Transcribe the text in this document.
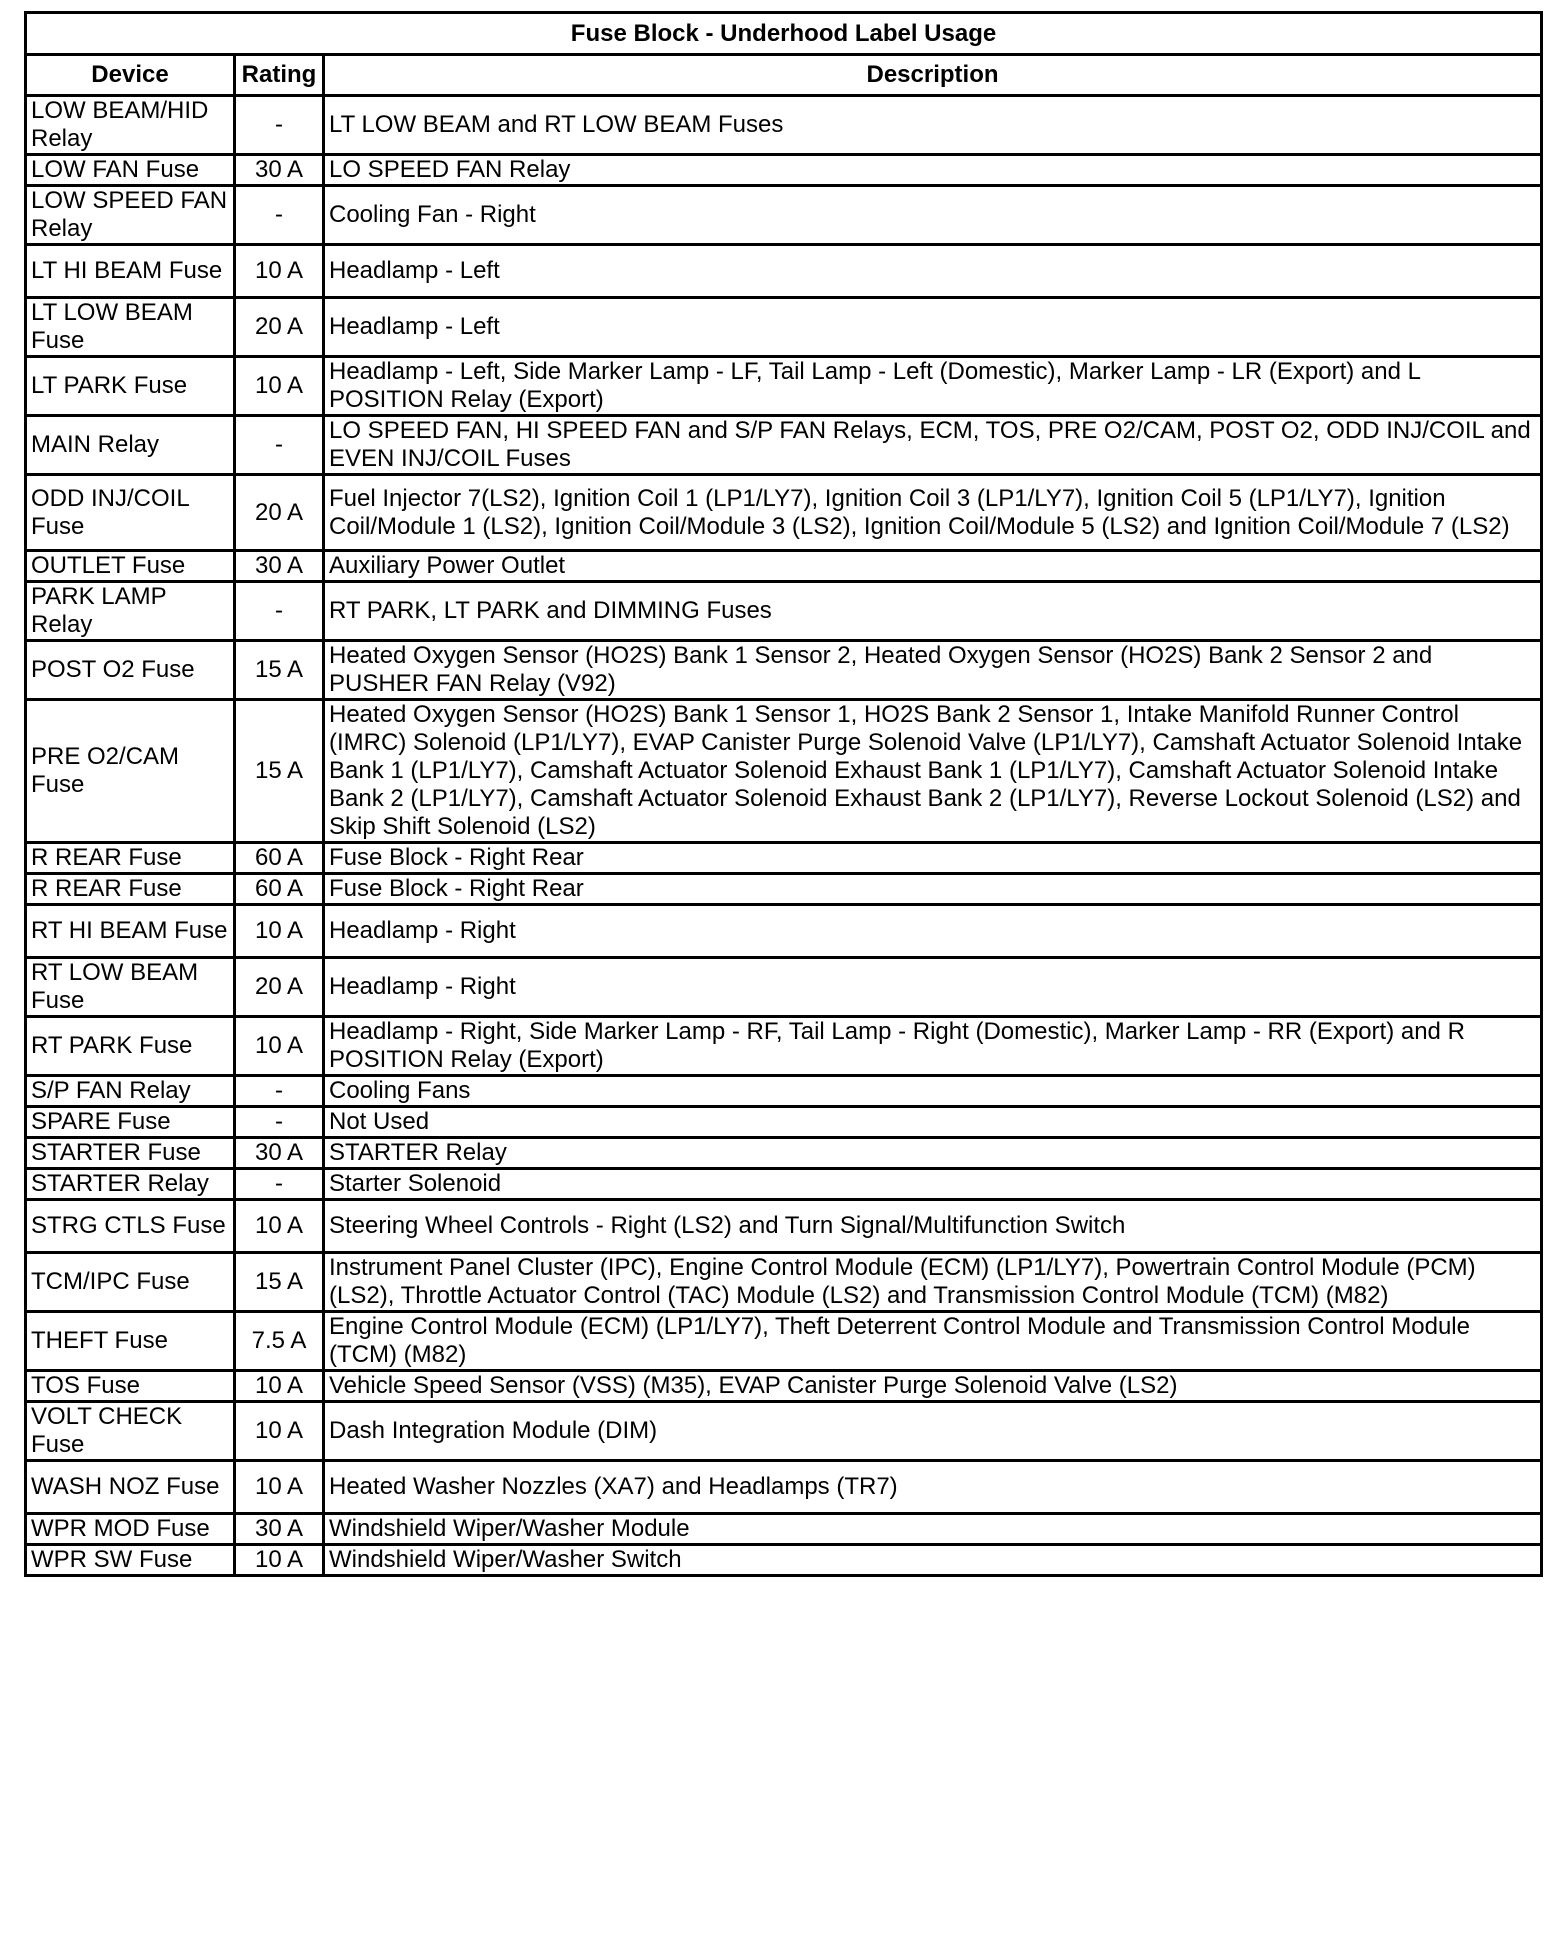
Fuse Block - Underhood Label Usage		
Device	Rating	Description
LOW BEAM/HID Relay	-	LT LOW BEAM and RT LOW BEAM Fuses
LOW FAN Fuse	30 A	LO SPEED FAN Relay
LOW SPEED FAN Relay	-	Cooling Fan - Right
LT HI BEAM Fuse	10 A	Headlamp - Left
LT LOW BEAM Fuse	20 A	Headlamp - Left
LT PARK Fuse	10 A	Headlamp - Left, Side Marker Lamp - LF, Tail Lamp - Left (Domestic), Marker Lamp - LR (Export) and L POSITION Relay (Export)
MAIN Relay	-	LO SPEED FAN, HI SPEED FAN and S/P FAN Relays, ECM, TOS, PRE O2/CAM, POST O2, ODD INJ/COIL and EVEN INJ/COIL Fuses
ODD INJ/COIL Fuse	20 A	Fuel Injector 7(LS2), Ignition Coil 1 (LP1/LY7), Ignition Coil 3 (LP1/LY7), Ignition Coil 5 (LP1/LY7), Ignition Coil/Module 1 (LS2), Ignition Coil/Module 3 (LS2), Ignition Coil/Module 5 (LS2) and Ignition Coil/Module 7 (LS2)
OUTLET Fuse	30 A	Auxiliary Power Outlet
PARK LAMP Relay	-	RT PARK, LT PARK and DIMMING Fuses
POST O2 Fuse	15 A	Heated Oxygen Sensor (HO2S) Bank 1 Sensor 2, Heated Oxygen Sensor (HO2S) Bank 2 Sensor 2 and PUSHER FAN Relay (V92)
PRE O2/CAM Fuse	15 A	Heated Oxygen Sensor (HO2S) Bank 1 Sensor 1, HO2S Bank 2 Sensor 1, Intake Manifold Runner Control (IMRC) Solenoid (LP1/LY7), EVAP Canister Purge Solenoid Valve (LP1/LY7), Camshaft Actuator Solenoid Intake Bank 1 (LP1/LY7), Camshaft Actuator Solenoid Exhaust Bank 1 (LP1/LY7), Camshaft Actuator Solenoid Intake Bank 2 (LP1/LY7), Camshaft Actuator Solenoid Exhaust Bank 2 (LP1/LY7), Reverse Lockout Solenoid (LS2) and Skip Shift Solenoid (LS2)
R REAR Fuse	60 A	Fuse Block - Right Rear
R REAR Fuse	60 A	Fuse Block - Right Rear
RT HI BEAM Fuse	10 A	Headlamp - Right
RT LOW BEAM Fuse	20 A	Headlamp - Right
RT PARK Fuse	10 A	Headlamp - Right, Side Marker Lamp - RF, Tail Lamp - Right (Domestic), Marker Lamp - RR (Export) and R POSITION Relay (Export)
S/P FAN Relay	-	Cooling Fans
SPARE Fuse	-	Not Used
STARTER Fuse	30 A	STARTER Relay
STARTER Relay	-	Starter Solenoid
STRG CTLS Fuse	10 A	Steering Wheel Controls - Right (LS2) and Turn Signal/Multifunction Switch
TCM/IPC Fuse	15 A	Instrument Panel Cluster (IPC), Engine Control Module (ECM) (LP1/LY7), Powertrain Control Module (PCM) (LS2), Throttle Actuator Control (TAC) Module (LS2) and Transmission Control Module (TCM) (M82)
THEFT Fuse	7.5 A	Engine Control Module (ECM) (LP1/LY7), Theft Deterrent Control Module and Transmission Control Module (TCM) (M82)
TOS Fuse	10 A	Vehicle Speed Sensor (VSS) (M35), EVAP Canister Purge Solenoid Valve (LS2)
VOLT CHECK Fuse	10 A	Dash Integration Module (DIM)
WASH NOZ Fuse	10 A	Heated Washer Nozzles (XA7) and Headlamps (TR7)
WPR MOD Fuse	30 A	Windshield Wiper/Washer Module
WPR SW Fuse	10 A	Windshield Wiper/Washer Switch
